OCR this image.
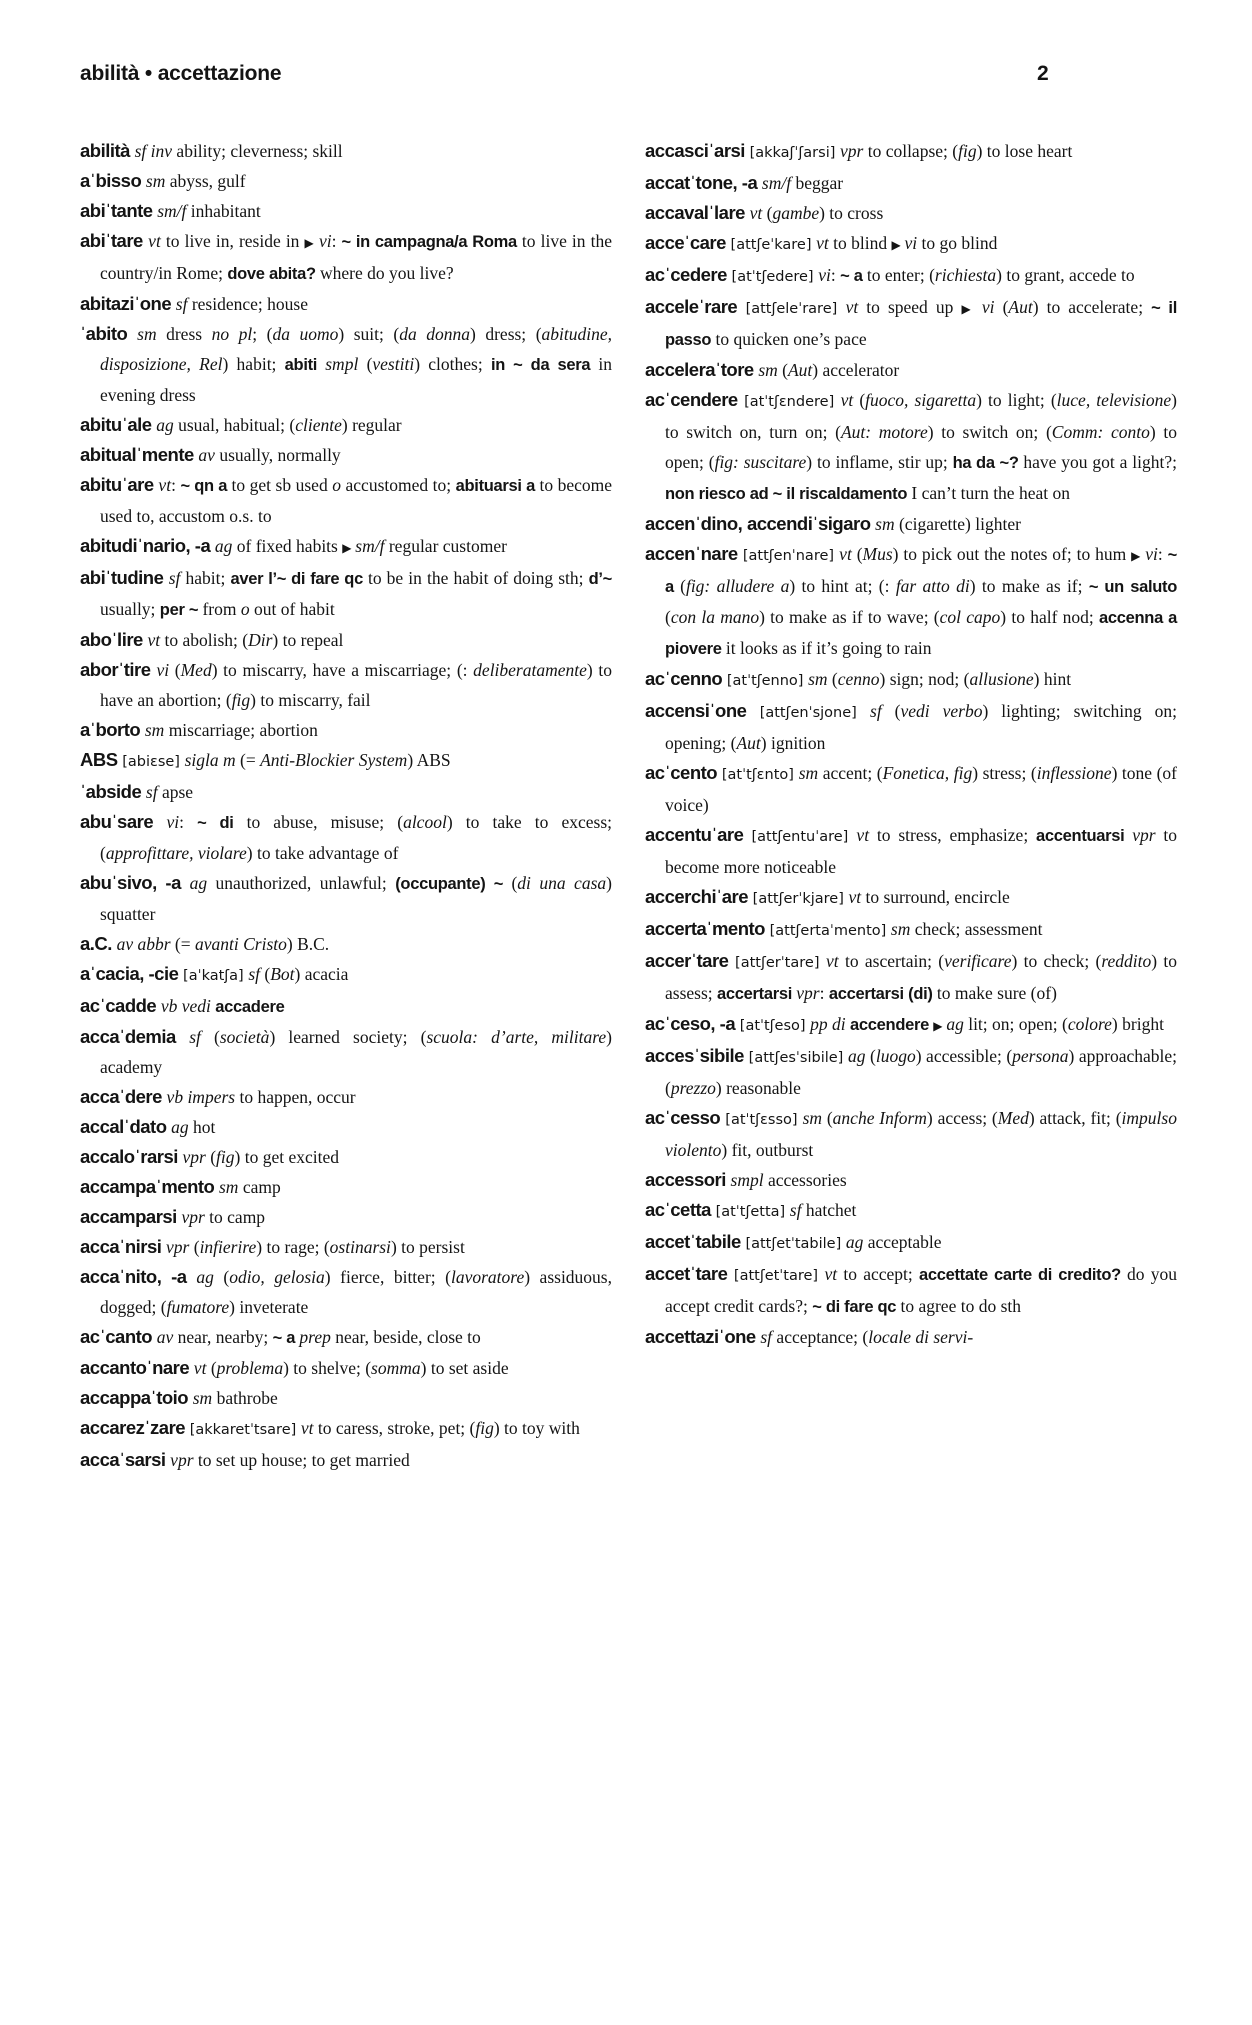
abilità • accettazione	2

abilità sf inv ability; cleverness; skill

aˈbisso sm abyss, gulf

abiˈtante sm/f inhabitant

abiˈtare vt to live in, reside in ▶ vi: ~ in campagna/a Roma to live in the country/in Rome; dove abita? where do you live?

abitaziˈone sf residence; house

ˈabito sm dress no pl; (da uomo) suit; (da donna) dress; (abitudine, disposizione, Rel) habit; abiti smpl (vestiti) clothes; in ~ da sera in evening dress

abituˈale ag usual, habitual; (cliente) regular

abitualˈmente av usually, normally

abituˈare vt: ~ qn a to get sb used o accustomed to; abituarsi a to become used to, accustom o.s. to

abitudiˈnario, -a ag of fixed habits ▶ sm/f regular customer

abiˈtudine sf habit; aver l’~ di fare qc to be in the habit of doing sth; d’~ usually; per ~ from o out of habit

aboˈlire vt to abolish; (Dir) to repeal

aborˈtire vi (Med) to miscarry, have a miscarriage; (: deliberatamente) to have an abortion; (fig) to miscarry, fail

aˈborto sm miscarriage; abortion

ABS [abiɛse] sigla m (= Anti-Blockier System) ABS

ˈabside sf apse

abuˈsare vi: ~ di to abuse, misuse; (alcool) to take to excess; (approfittare, violare) to take advantage of

abuˈsivo, -a ag unauthorized, unlawful; (occupante) ~ (di una casa) squatter

a.C. av abbr (= avanti Cristo) B.C.

aˈcacia, -cie [aˈkatʃa] sf (Bot) acacia

acˈcadde vb vedi accadere

accaˈdemia sf (società) learned society; (scuola: d’arte, militare) academy

accaˈdere vb impers to happen, occur

accalˈdato ag hot

accaloˈrarsi vpr (fig) to get excited

accampaˈmento sm camp

accamparsi vpr to camp

accaˈnirsi vpr (infierire) to rage; (ostinarsi) to persist

accaˈnito, -a ag (odio, gelosia) fierce, bitter; (lavoratore) assiduous, dogged; (fumatore) inveterate

acˈcanto av near, nearby; ~ a prep near, beside, close to

accantoˈnare vt (problema) to shelve; (somma) to set aside

accappaˈtoio sm bathrobe

accarezˈzare [akkaretˈtsare] vt to caress, stroke, pet; (fig) to toy with

accaˈsarsi vpr to set up house; to get married

accasciˈarsi [akkaʃˈʃarsi] vpr to collapse; (fig) to lose heart

accatˈtone, -a sm/f beggar

accavalˈlare vt (gambe) to cross

acceˈcare [attʃeˈkare] vt to blind ▶ vi to go blind

acˈcedere [atˈtʃedere] vi: ~ a to enter; (richiesta) to grant, accede to

acceleˈrare [attʃeleˈrare] vt to speed up ▶ vi (Aut) to accelerate; ~ il passo to quicken one’s pace

acceleraˈtore sm (Aut) accelerator

acˈcendere [atˈtʃɛndere] vt (fuoco, sigaretta) to light; (luce, televisione) to switch on, turn on; (Aut: motore) to switch on; (Comm: conto) to open; (fig: suscitare) to inflame, stir up; ha da ~? have you got a light?; non riesco ad ~ il riscaldamento I can’t turn the heat on

accenˈdino, accendiˈsigaro sm (cigarette) lighter

accenˈnare [attʃenˈnare] vt (Mus) to pick out the notes of; to hum ▶ vi: ~ a (fig: alludere a) to hint at; (: far atto di) to make as if; ~ un saluto (con la mano) to make as if to wave; (col capo) to half nod; accenna a piovere it looks as if it’s going to rain

acˈcenno [atˈtʃenno] sm (cenno) sign; nod; (allusione) hint

accensiˈone [attʃenˈsjone] sf (vedi verbo) lighting; switching on; opening; (Aut) ignition

acˈcento [atˈtʃɛnto] sm accent; (Fonetica, fig) stress; (inflessione) tone (of voice)

accentuˈare [attʃentuˈare] vt to stress, emphasize; accentuarsi vpr to become more noticeable

accerchiˈare [attʃerˈkjare] vt to surround, encircle

accertaˈmento [attʃertaˈmento] sm check; assessment

accerˈtare [attʃerˈtare] vt to ascertain; (verificare) to check; (reddito) to assess; accertarsi vpr: accertarsi (di) to make sure (of)

acˈceso, -a [atˈtʃeso] pp di accendere ▶ ag lit; on; open; (colore) bright

accesˈsibile [attʃesˈsibile] ag (luogo) accessible; (persona) approachable; (prezzo) reasonable

acˈcesso [atˈtʃɛsso] sm (anche Inform) access; (Med) attack, fit; (impulso violento) fit, outburst

accessori smpl accessories

acˈcetta [atˈtʃetta] sf hatchet

accetˈtabile [attʃetˈtabile] ag acceptable

accetˈtare [attʃetˈtare] vt to accept; accettate carte di credito? do you accept credit cards?; ~ di fare qc to agree to do sth

accettaziˈone sf acceptance; (locale di servi-
